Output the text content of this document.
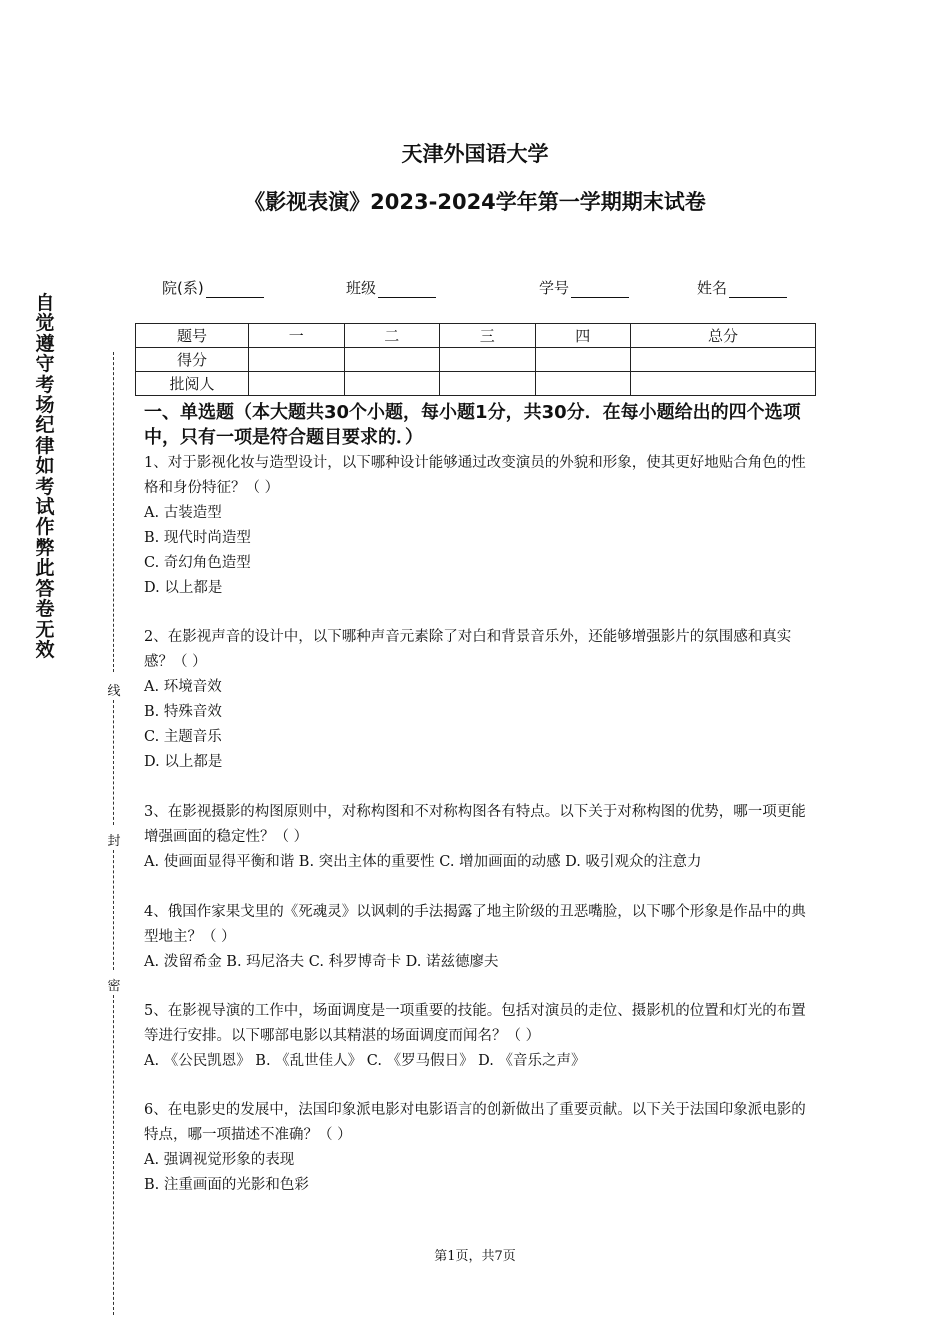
天津外国语大学
《影视表演》2023-2024学年第一学期期末试卷
院(系)	班级	学号	姓名
题号	一	二	三	四	总分
得分					
批阅人					
自觉遵守考场纪律如考试作弊此答卷无效
线
封
密
一、单选题（本大题共30个小题，每小题1分，共30分．在每小题给出的四个选项中，只有一项是符合题目要求的．）
1、对于影视化妆与造型设计，以下哪种设计能够通过改变演员的外貌和形象，使其更好地贴合角色的性格和身份特征？（ ）
A. 古装造型
B. 现代时尚造型
C. 奇幻角色造型
D. 以上都是
2、在影视声音的设计中，以下哪种声音元素除了对白和背景音乐外，还能够增强影片的氛围感和真实感？（ ）
A. 环境音效
B. 特殊音效
C. 主题音乐
D. 以上都是
3、在影视摄影的构图原则中，对称构图和不对称构图各有特点。以下关于对称构图的优势，哪一项更能增强画面的稳定性？（ ）
A. 使画面显得平衡和谐 B. 突出主体的重要性 C. 增加画面的动感 D. 吸引观众的注意力
4、俄国作家果戈里的《死魂灵》以讽刺的手法揭露了地主阶级的丑恶嘴脸，以下哪个形象是作品中的典型地主？（ ）
A. 泼留希金 B. 玛尼洛夫 C. 科罗博奇卡 D. 诺兹德廖夫
5、在影视导演的工作中，场面调度是一项重要的技能。包括对演员的走位、摄影机的位置和灯光的布置等进行安排。以下哪部电影以其精湛的场面调度而闻名？（ ）
A. 《公民凯恩》 B. 《乱世佳人》 C. 《罗马假日》 D. 《音乐之声》
6、在电影史的发展中，法国印象派电影对电影语言的创新做出了重要贡献。以下关于法国印象派电影的特点，哪一项描述不准确？（ ）
A. 强调视觉形象的表现
B. 注重画面的光影和色彩
第1页，共7页
